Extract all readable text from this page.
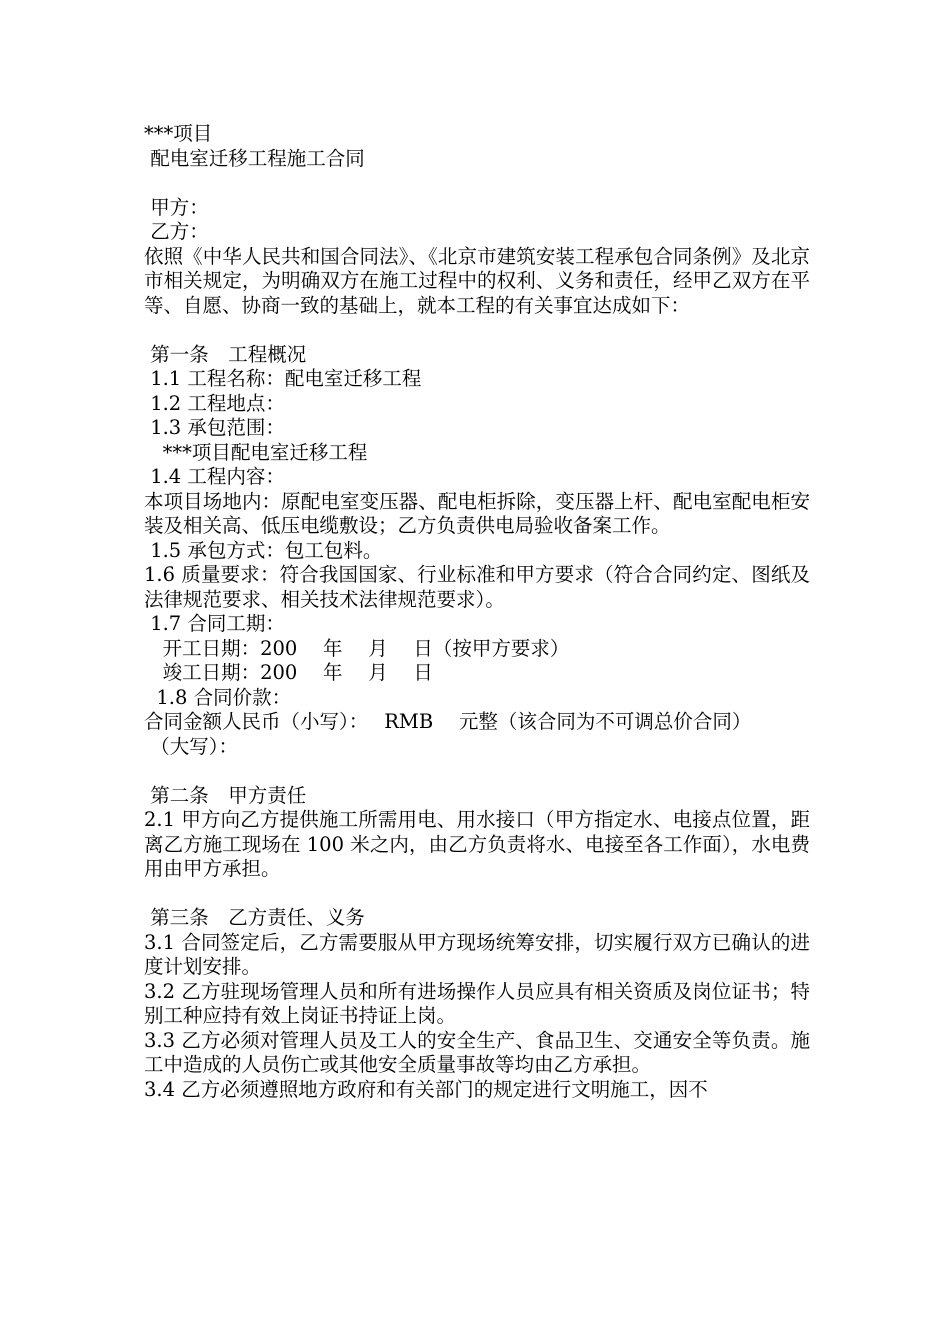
***项目
配电室迁移工程施工合同
甲方：
乙方：
依照《中华人民共和国合同法》、《北京市建筑安装工程承包合同条例》及北京市相关规定，为明确双方在施工过程中的权利、义务和责任，经甲乙双方在平等、自愿、协商一致的基础上，就本工程的有关事宜达成如下：
第一条　工程概况
1.1 工程名称：配电室迁移工程
1.2 工程地点：
1.3 承包范围：
***项目配电室迁移工程
1.4 工程内容：
本项目场地内：原配电室变压器、配电柜拆除，变压器上杆、配电室配电柜安装及相关高、低压电缆敷设；乙方负责供电局验收备案工作。
1.5 承包方式：包工包料。
1.6 质量要求：符合我国国家、行业标准和甲方要求（符合合同约定、图纸及法律规范要求、相关技术法律规范要求）。
1.7 合同工期：
开工日期：200　 年　 月　 日（按甲方要求）
竣工日期：200　 年　 月　 日
1.8 合同价款：
合同金额人民币（小写）：　 RMB　 元整（该合同为不可调总价合同）
（大写）：
第二条　甲方责任
2.1 甲方向乙方提供施工所需用电、用水接口（甲方指定水、电接点位置，距离乙方施工现场在 100 米之内，由乙方负责将水、电接至各工作面），水电费用由甲方承担。
第三条　乙方责任、义务
3.1 合同签定后，乙方需要服从甲方现场统筹安排，切实履行双方已确认的进度计划安排。
3.2 乙方驻现场管理人员和所有进场操作人员应具有相关资质及岗位证书；特别工种应持有效上岗证书持证上岗。
3.3 乙方必须对管理人员及工人的安全生产、食品卫生、交通安全等负责。施工中造成的人员伤亡或其他安全质量事故等均由乙方承担。
3.4 乙方必须遵照地方政府和有关部门的规定进行文明施工，因不
